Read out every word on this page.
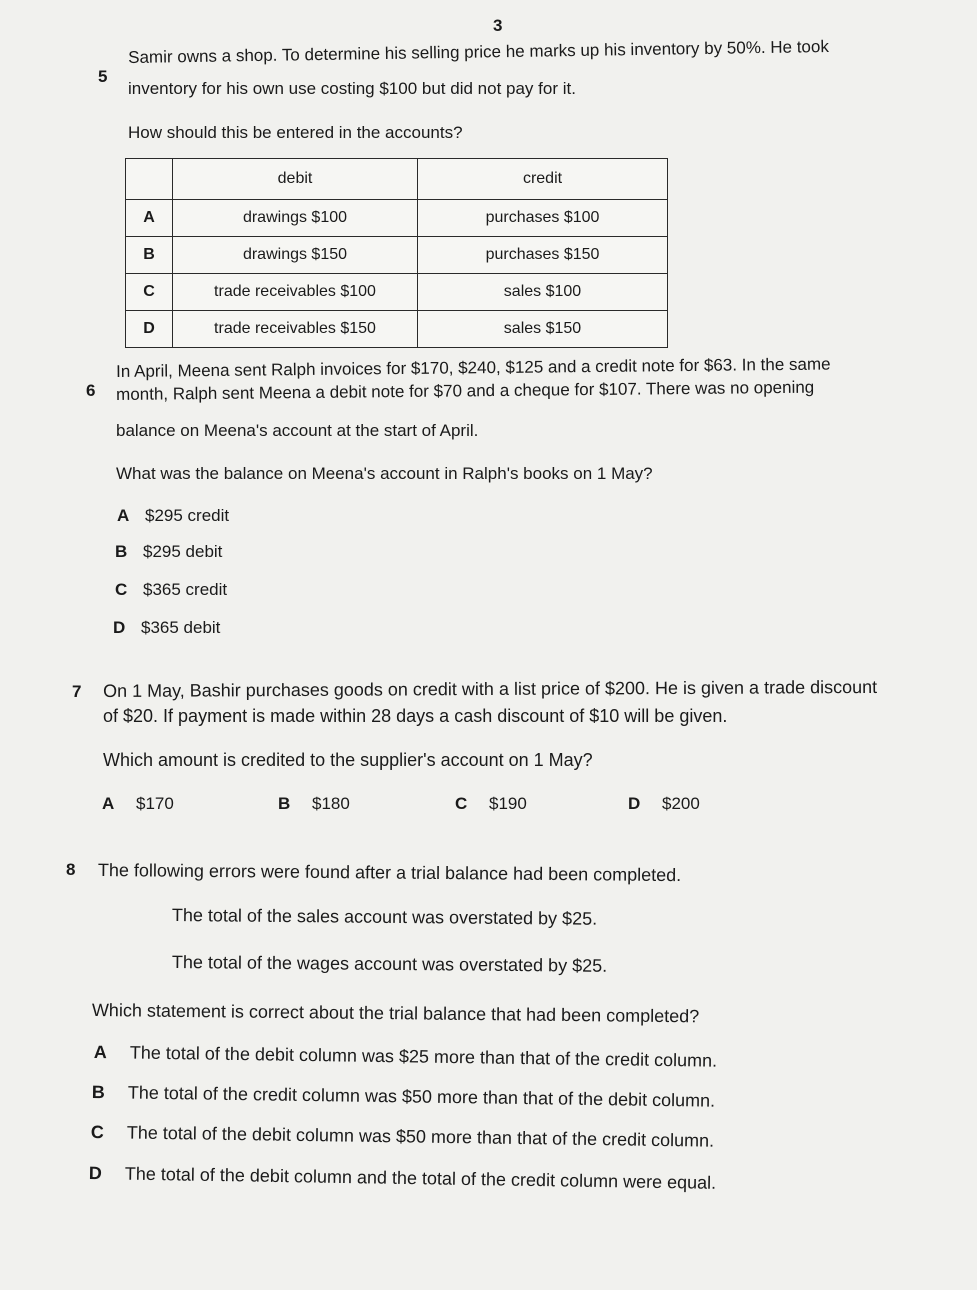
3
5
Samir owns a shop. To determine his selling price he marks up his inventory by 50%. He took
inventory for his own use costing $100 but did not pay for it.
How should this be entered in the accounts?
	debit	credit
A	drawings $100	purchases $100
B	drawings $150	purchases $150
C	trade receivables $100	sales $100
D	trade receivables $150	sales $150
6
In April, Meena sent Ralph invoices for $170, $240, $125 and a credit note for $63. In the same
month, Ralph sent Meena a debit note for $70 and a cheque for $107. There was no opening
balance on Meena's account at the start of April.
What was the balance on Meena's account in Ralph's books on 1 May?
A $295 credit
B $295 debit
C $365 credit
D $365 debit
7 On 1 May, Bashir purchases goods on credit with a list price of $200. He is given a trade discount
of $20. If payment is made within 28 days a cash discount of $10 will be given.
Which amount is credited to the supplier's account on 1 May?
A $170	B $180	C $190	D $200
8 The following errors were found after a trial balance had been completed.
The total of the sales account was overstated by $25.
The total of the wages account was overstated by $25.
Which statement is correct about the trial balance that had been completed?
A The total of the debit column was $25 more than that of the credit column.
B The total of the credit column was $50 more than that of the debit column.
C The total of the debit column was $50 more than that of the credit column.
D The total of the debit column and the total of the credit column were equal.
